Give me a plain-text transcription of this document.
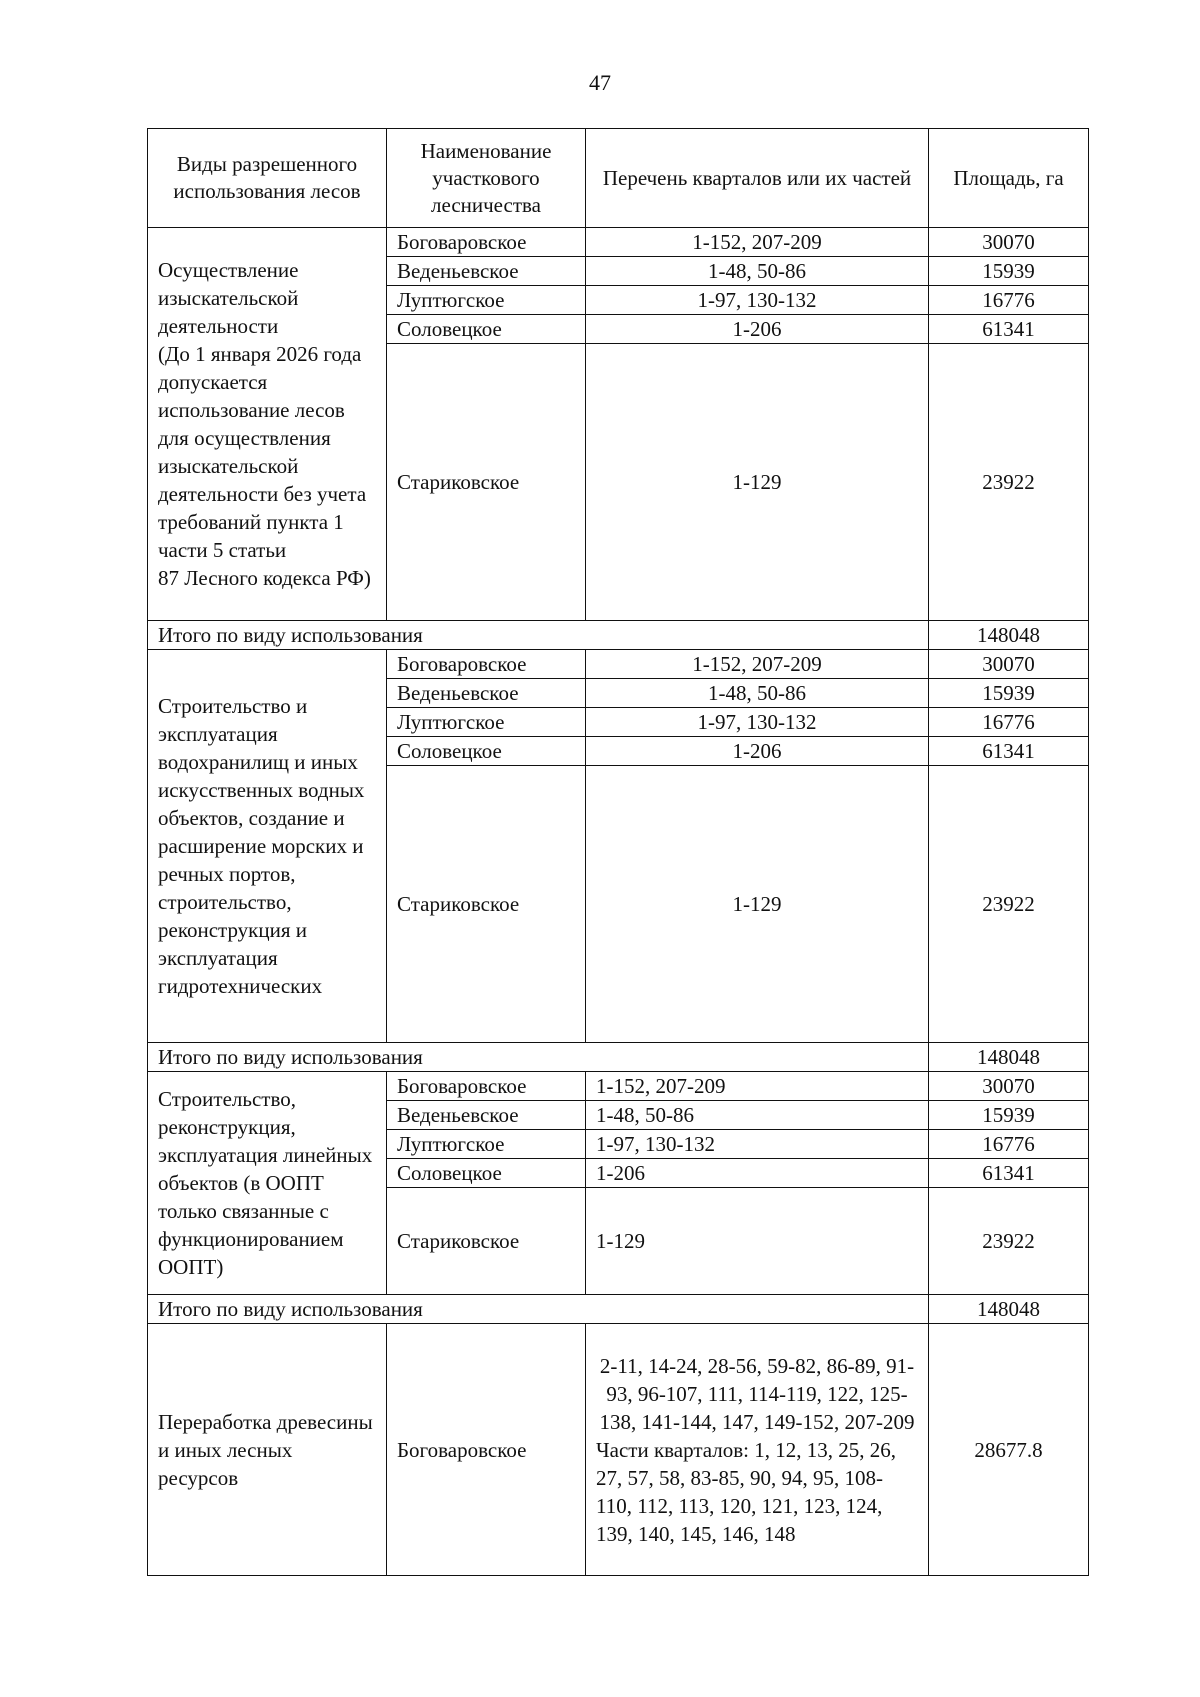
47
Виды разрешенного использования лесов	Наименование участкового лесничества	Перечень кварталов или их частей	Площадь, га
Осуществление изыскательской деятельности
(До 1 января 2026 года допускается использование лесов для осуществления изыскательской деятельности без учета
требований пункта 1 части 5 статьи
87 Лесного кодекса РФ)	Боговаровское	1-152, 207-209	30070
	Веденьевское	1-48, 50-86	15939
	Луптюгское	1-97, 130-132	16776
	Соловецкое	1-206	61341
	Стариковское	1-129	23922
Итого по виду использования			148048
Строительство и эксплуатация водохранилищ и иных искусственных водных объектов, создание и расширение морских и речных портов, строительство, реконструкция и эксплуатация гидротехнических	Боговаровское	1-152, 207-209	30070
	Веденьевское	1-48, 50-86	15939
	Луптюгское	1-97, 130-132	16776
	Соловецкое	1-206	61341
	Стариковское	1-129	23922
Итого по виду использования			148048
Строительство, реконструкция, эксплуатация линейных объектов (в ООПТ только связанные с функционированием ООПТ)	Боговаровское	1-152, 207-209	30070
	Веденьевское	1-48, 50-86	15939
	Луптюгское	1-97, 130-132	16776
	Соловецкое	1-206	61341
	Стариковское	1-129	23922
Итого по виду использования			148048
Переработка древесины и иных лесных ресурсов	Боговаровское	2-11, 14-24, 28-56, 59-82, 86-89, 91-93, 96-107, 111, 114-119, 122, 125-138, 141-144, 147, 149-152, 207-209
Части кварталов: 1, 12, 13, 25, 26, 27, 57, 58, 83-85, 90, 94, 95, 108-110, 112, 113, 120, 121, 123, 124, 139, 140, 145, 146, 148	28677.8
